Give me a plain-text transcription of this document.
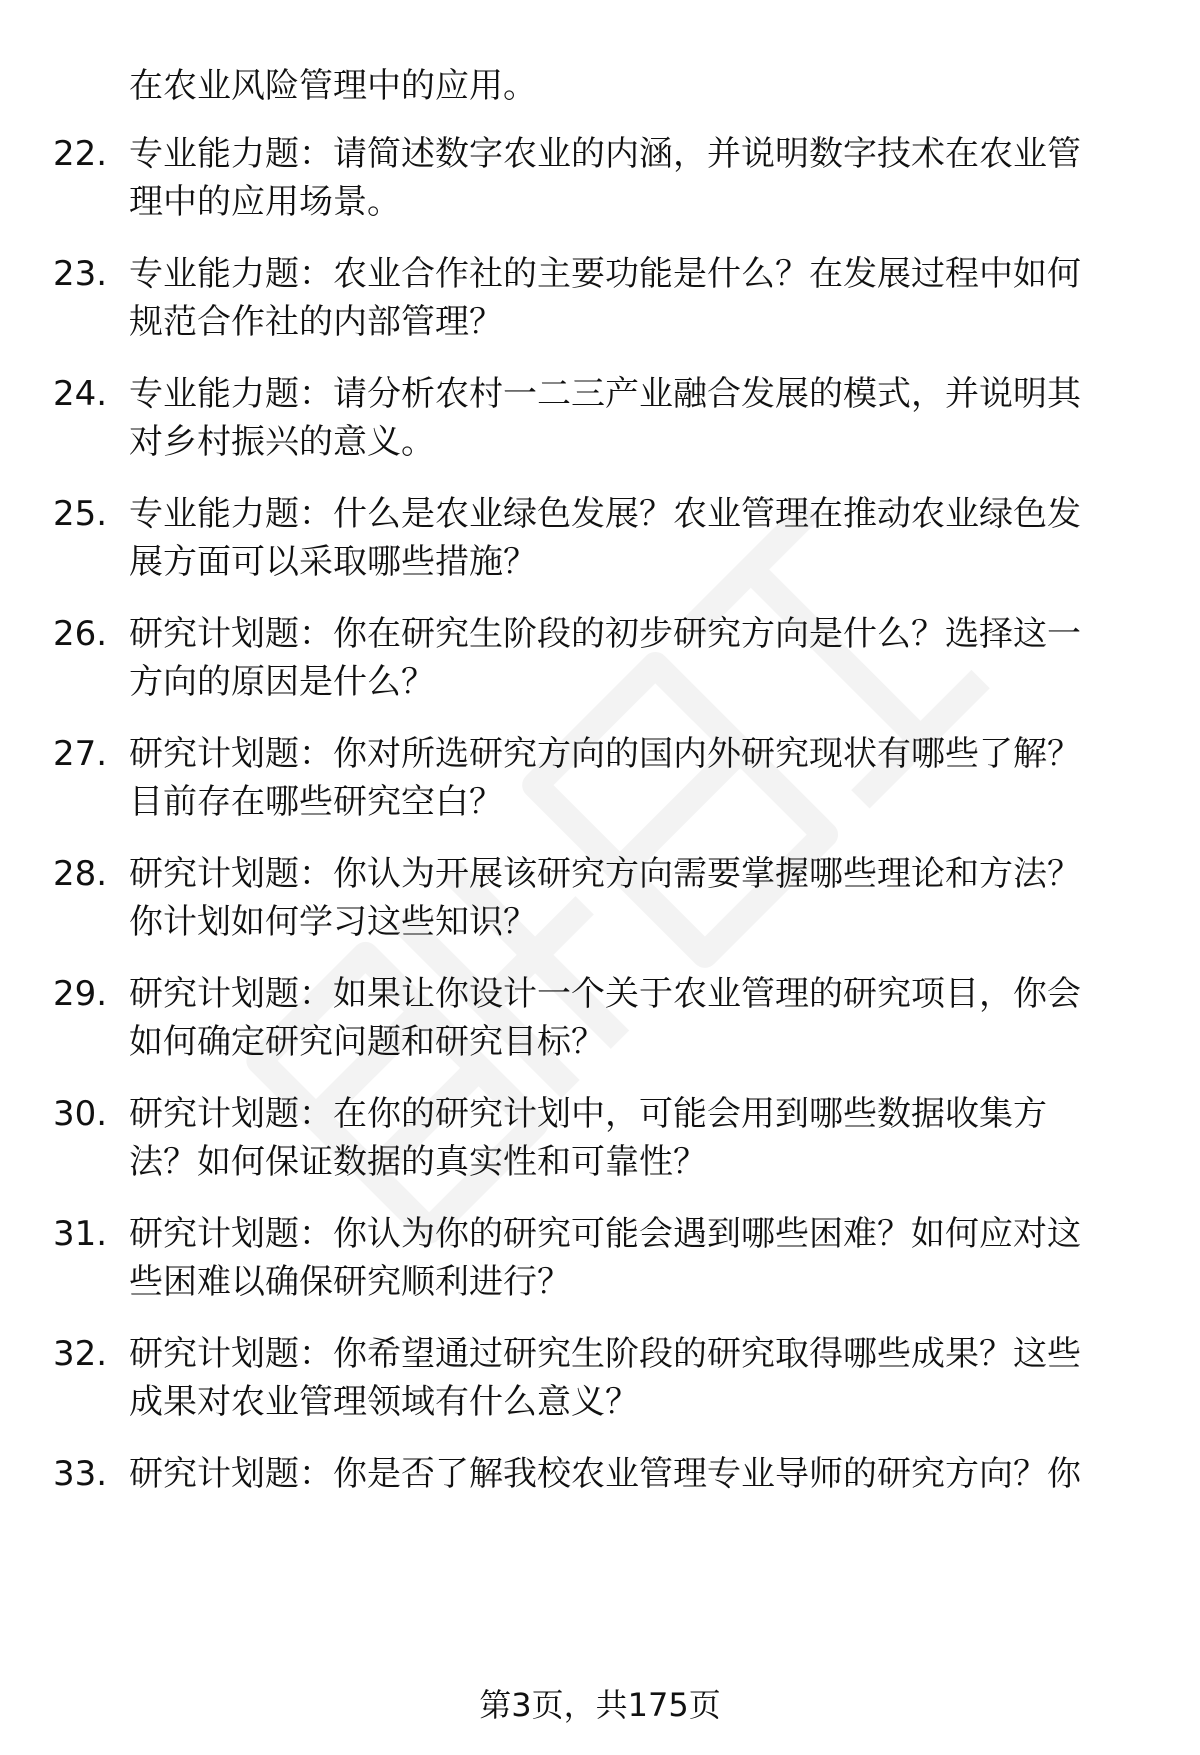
在农业风险管理中的应用。
22. 专业能力题：请简述数字农业的内涵，并说明数字技术在农业管
理中的应用场景。
23. 专业能力题：农业合作社的主要功能是什么？在发展过程中如何
规范合作社的内部管理？
24. 专业能力题：请分析农村一二三产业融合发展的模式，并说明其
对乡村振兴的意义。
25. 专业能力题：什么是农业绿色发展？农业管理在推动农业绿色发
展方面可以采取哪些措施？
26. 研究计划题：你在研究生阶段的初步研究方向是什么？选择这一
方向的原因是什么？
27. 研究计划题：你对所选研究方向的国内外研究现状有哪些了解？
目前存在哪些研究空白？
28. 研究计划题：你认为开展该研究方向需要掌握哪些理论和方法？
你计划如何学习这些知识？
29. 研究计划题：如果让你设计一个关于农业管理的研究项目，你会
如何确定研究问题和研究目标？
30. 研究计划题：在你的研究计划中，可能会用到哪些数据收集方
法？如何保证数据的真实性和可靠性？
31. 研究计划题：你认为你的研究可能会遇到哪些困难？如何应对这
些困难以确保研究顺利进行？
32. 研究计划题：你希望通过研究生阶段的研究取得哪些成果？这些
成果对农业管理领域有什么意义？
33. 研究计划题：你是否了解我校农业管理专业导师的研究方向？你
第3页，共175页
